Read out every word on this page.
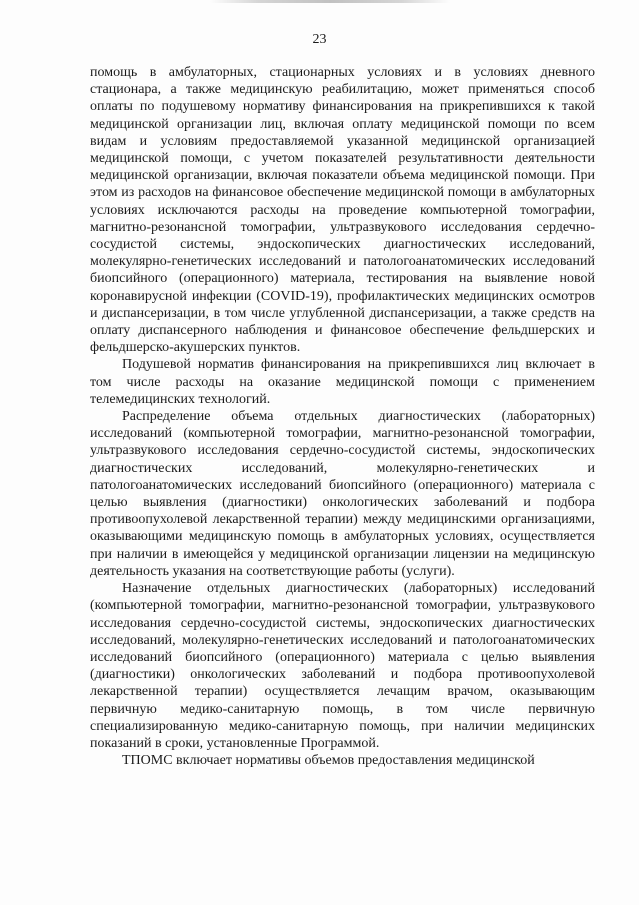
23

помощь в амбулаторных, стационарных условиях и в условиях дневного стационара, а также медицинскую реабилитацию, может применяться способ оплаты по подушевому нормативу финансирования на прикрепившихся к такой медицинской организации лиц, включая оплату медицинской помощи по всем видам и условиям предоставляемой указанной медицинской организацией медицинской помощи, с учетом показателей результативности деятельности медицинской организации, включая показатели объема медицинской помощи. При этом из расходов на финансовое обеспечение медицинской помощи в амбулаторных условиях исключаются расходы на проведение компьютерной томографии, магнитно-резонансной томографии, ультразвукового исследования сердечно-сосудистой системы, эндоскопических диагностических исследований, молекулярно-генетических исследований и патологоанатомических исследований биопсийного (операционного) материала, тестирования на выявление новой коронавирусной инфекции (COVID-19), профилактических медицинских осмотров и диспансеризации, в том числе углубленной диспансеризации, а также средств на оплату диспансерного наблюдения и финансовое обеспечение фельдшерских и фельдшерско-акушерских пунктов.

Подушевой норматив финансирования на прикрепившихся лиц включает в том числе расходы на оказание медицинской помощи с применением телемедицинских технологий.

Распределение объема отдельных диагностических (лабораторных) исследований (компьютерной томографии, магнитно-резонансной томографии, ультразвукового исследования сердечно-сосудистой системы, эндоскопических диагностических исследований, молекулярно-генетических и патологоанатомических исследований биопсийного (операционного) материала с целью выявления (диагностики) онкологических заболеваний и подбора противоопухолевой лекарственной терапии) между медицинскими организациями, оказывающими медицинскую помощь в амбулаторных условиях, осуществляется при наличии в имеющейся у медицинской организации лицензии на медицинскую деятельность указания на соответствующие работы (услуги).

Назначение отдельных диагностических (лабораторных) исследований (компьютерной томографии, магнитно-резонансной томографии, ультразвукового исследования сердечно-сосудистой системы, эндоскопических диагностических исследований, молекулярно-генетических исследований и патологоанатомических исследований биопсийного (операционного) материала с целью выявления (диагностики) онкологических заболеваний и подбора противоопухолевой лекарственной терапии) осуществляется лечащим врачом, оказывающим первичную медико-санитарную помощь, в том числе первичную специализированную медико-санитарную помощь, при наличии медицинских показаний в сроки, установленные Программой.

ТПОМС включает нормативы объемов предоставления медицинской
